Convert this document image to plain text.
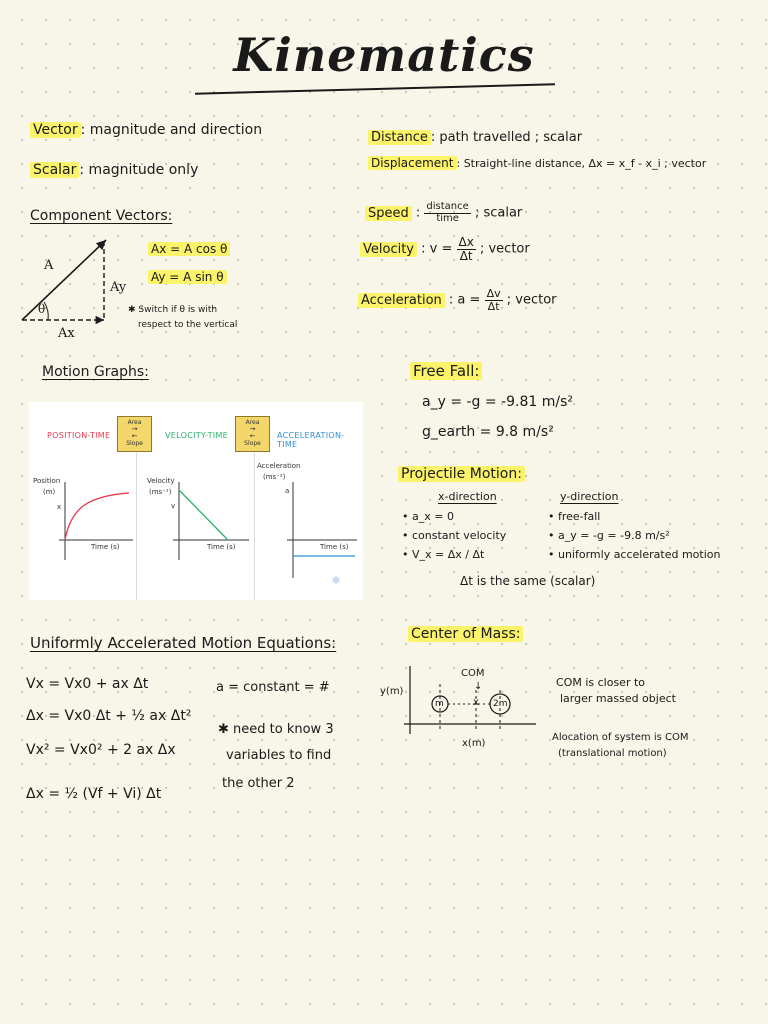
Kinematics
Vector : magnitude and direction
Scalar : magnitude only
Distance : path travelled ; scalar
Displacement : Straight-line distance, Δx = x_f - x_i ; vector
Component Vectors:
A
Ay
θ
Ax
Ax = A cos θ
Ay = A sin θ
✱ Switch if θ is with
respect to the vertical
Speed : $\frac{\text{distance}}{\text{time}}$ ; scalar
Velocity : $v = \frac{\Delta x}{\Delta t}$ ; vector
Acceleration : $a = \frac{\Delta v}{\Delta t}$ ; vector
Motion Graphs:
POSITION-TIME
Area
→
←
Slope
VELOCITY-TIME
Area
→
←
Slope
ACCELERATION-TIME
Position
(m)
x
Time (s)
Velocity
(ms⁻¹)
v
Time (s)
Acceleration
(ms⁻²)
a
Time (s)
⚛
Free Fall:
a_y = -g = -9.81 m/s²
g_earth = 9.8 m/s²
Projectile Motion:
x-direction
• a_x = 0
• constant velocity
• V_x = Δx / Δt
y-direction
• free-fall
• a_y = -g = -9.8 m/s²
• uniformly accelerated motion
Δt is the same (scalar)
Uniformly Accelerated Motion Equations:
Vx = Vx0 + ax Δt
Δx = Vx0 Δt + ½ ax Δt²
Vx² = Vx0² + 2 ax Δx
Δx = ½ (Vf + Vi) Δt
a = constant = #
✱ need to know 3
variables to find
the other 2
Center of Mass:
COM
↓
y(m)
x(m)
m	2m
x
COM is closer to
larger massed object
Alocation of system is COM
(translational motion)
